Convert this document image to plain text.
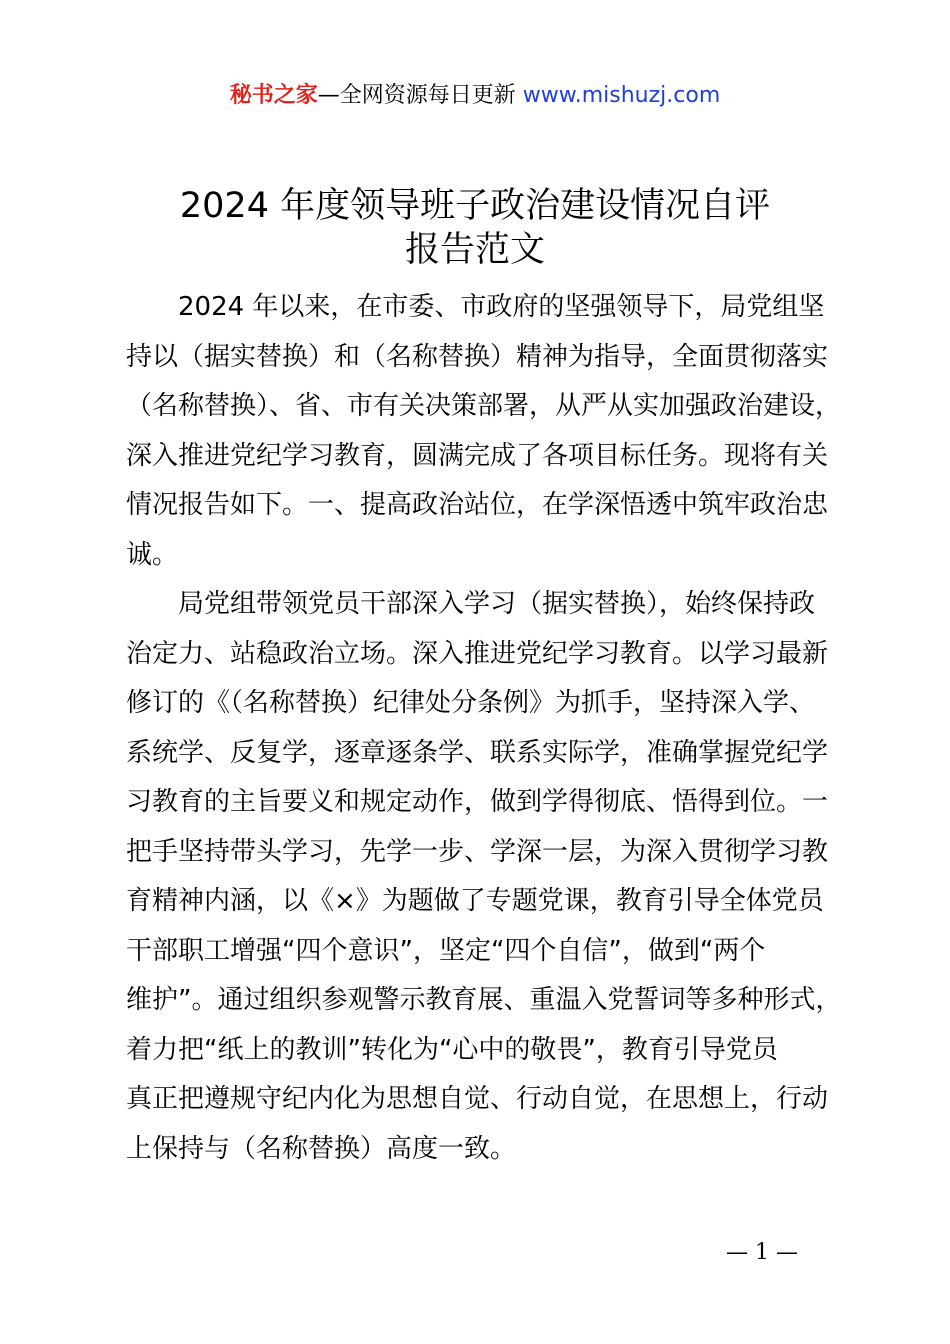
秘书之家—全网资源每日更新 www.mishuzj.com
2024 年度领导班子政治建设情况自评
报告范文
2024 年以来，在市委、市政府的坚强领导下，局党组坚
持以（据实替换）和（名称替换）精神为指导，全面贯彻落实
（名称替换）、省、市有关决策部署，从严从实加强政治建设，
深入推进党纪学习教育，圆满完成了各项目标任务。现将有关
情况报告如下。一、提高政治站位，在学深悟透中筑牢政治忠
诚。
局党组带领党员干部深入学习（据实替换），始终保持政
治定力、站稳政治立场。深入推进党纪学习教育。以学习最新
修订的《（名称替换）纪律处分条例》为抓手，坚持深入学、
系统学、反复学，逐章逐条学、联系实际学，准确掌握党纪学
习教育的主旨要义和规定动作，做到学得彻底、悟得到位。一
把手坚持带头学习，先学一步、学深一层，为深入贯彻学习教
育精神内涵，以《×》为题做了专题党课，教育引导全体党员
干部职工增强“四个意识”，坚定“四个自信”，做到“两个
维护”。通过组织参观警示教育展、重温入党誓词等多种形式，
着力把“纸上的教训”转化为“心中的敬畏”，教育引导党员
真正把遵规守纪内化为思想自觉、行动自觉，在思想上，行动
上保持与（名称替换）高度一致。
— 1 —
